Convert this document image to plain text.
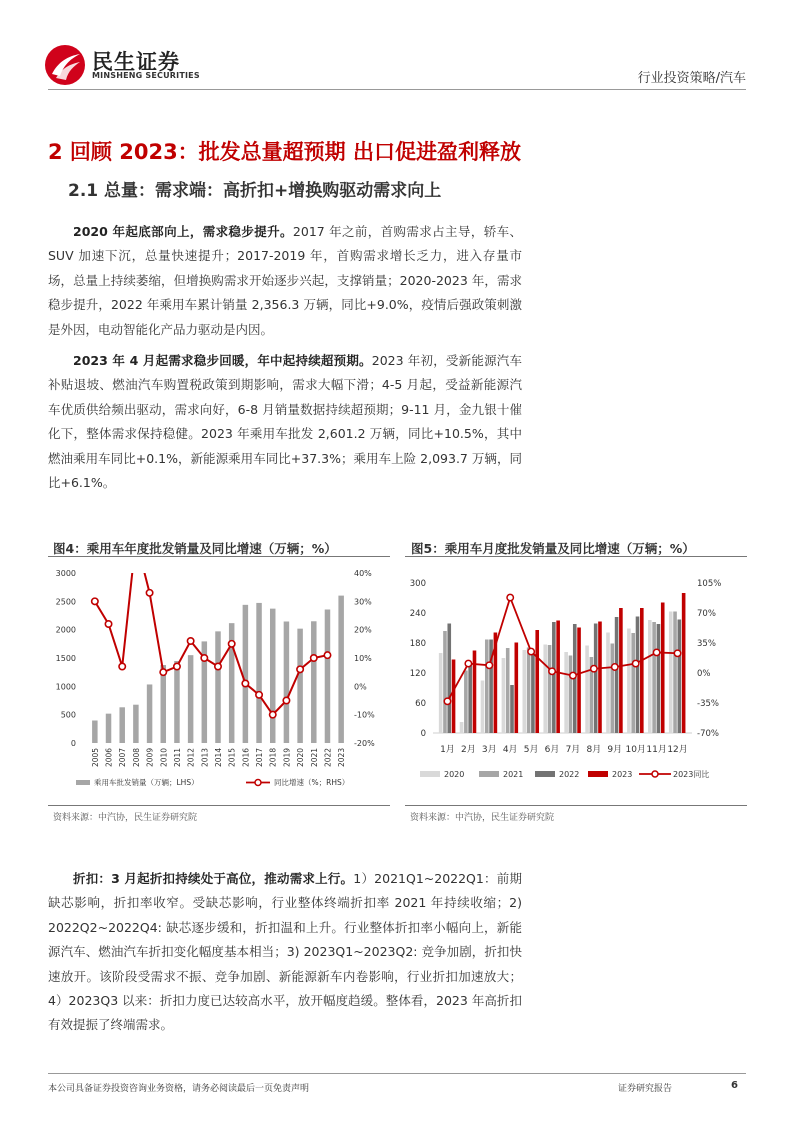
民生证券
MINSHENG SECURITIES	行业投资策略/汽车
2 回顾 2023：批发总量超预期 出口促进盈利释放
2.1 总量：需求端：高折扣+增换购驱动需求向上
2020 年起底部向上，需求稳步提升。2017 年之前，首购需求占主导，轿车、SUV 加速下沉，总量快速提升；2017-2019 年，首购需求增长乏力，进入存量市场，总量上持续萎缩，但增换购需求开始逐步兴起，支撑销量；2020-2023 年，需求稳步提升，2022 年乘用车累计销量 2,356.3 万辆，同比+9.0%，疫情后强政策刺激是外因，电动智能化产品力驱动是内因。
2023 年 4 月起需求稳步回暖，年中起持续超预期。2023 年初，受新能源汽车补贴退坡、燃油汽车购置税政策到期影响，需求大幅下滑；4-5 月起，受益新能源汽车优质供给频出驱动，需求向好，6-8 月销量数据持续超预期；9-11 月，金九银十催化下，整体需求保持稳健。2023 年乘用车批发 2,601.2 万辆，同比+10.5%，其中燃油乘用车同比+0.1%，新能源乘用车同比+37.3%；乘用车上险 2,093.7 万辆，同比+6.1%。
图4：乘用车年度批发销量及同比增速（万辆；%）
0
500
1000
1500
2000
2500
3000
-20%
-10%
0%
10%
20%
30%
40%
2005 2006 2007 2008 2009 2010 2011 2012 2013 2014 2015 2016 2017 2018 2019 2020 2021 2022 2023
乘用车批发销量（万辆；LHS）	同比增速（%；RHS）
资料来源：中汽协，民生证券研究院
图5：乘用车月度批发销量及同比增速（万辆；%）
0
60
120
180
240
300
-70%
-35%
0%
35%
70%
105%
1月 2月 3月 4月 5月 6月 7月 8月 9月 10月 11月 12月
2020	2021	2022	2023	2023同比
资料来源：中汽协，民生证券研究院
折扣：3 月起折扣持续处于高位，推动需求上行。1）2021Q1~2022Q1：前期缺芯影响，折扣率收窄。受缺芯影响，行业整体终端折扣率 2021 年持续收缩；2) 2022Q2~2022Q4: 缺芯逐步缓和，折扣温和上升。行业整体折扣率小幅向上，新能源汽车、燃油汽车折扣变化幅度基本相当；3) 2023Q1~2023Q2: 竞争加剧，折扣快速放开。该阶段受需求不振、竞争加剧、新能源新车内卷影响，行业折扣加速放大；4）2023Q3 以来：折扣力度已达较高水平，放开幅度趋缓。整体看，2023 年高折扣有效提振了终端需求。
本公司具备证券投资咨询业务资格，请务必阅读最后一页免责声明	证券研究报告	6
